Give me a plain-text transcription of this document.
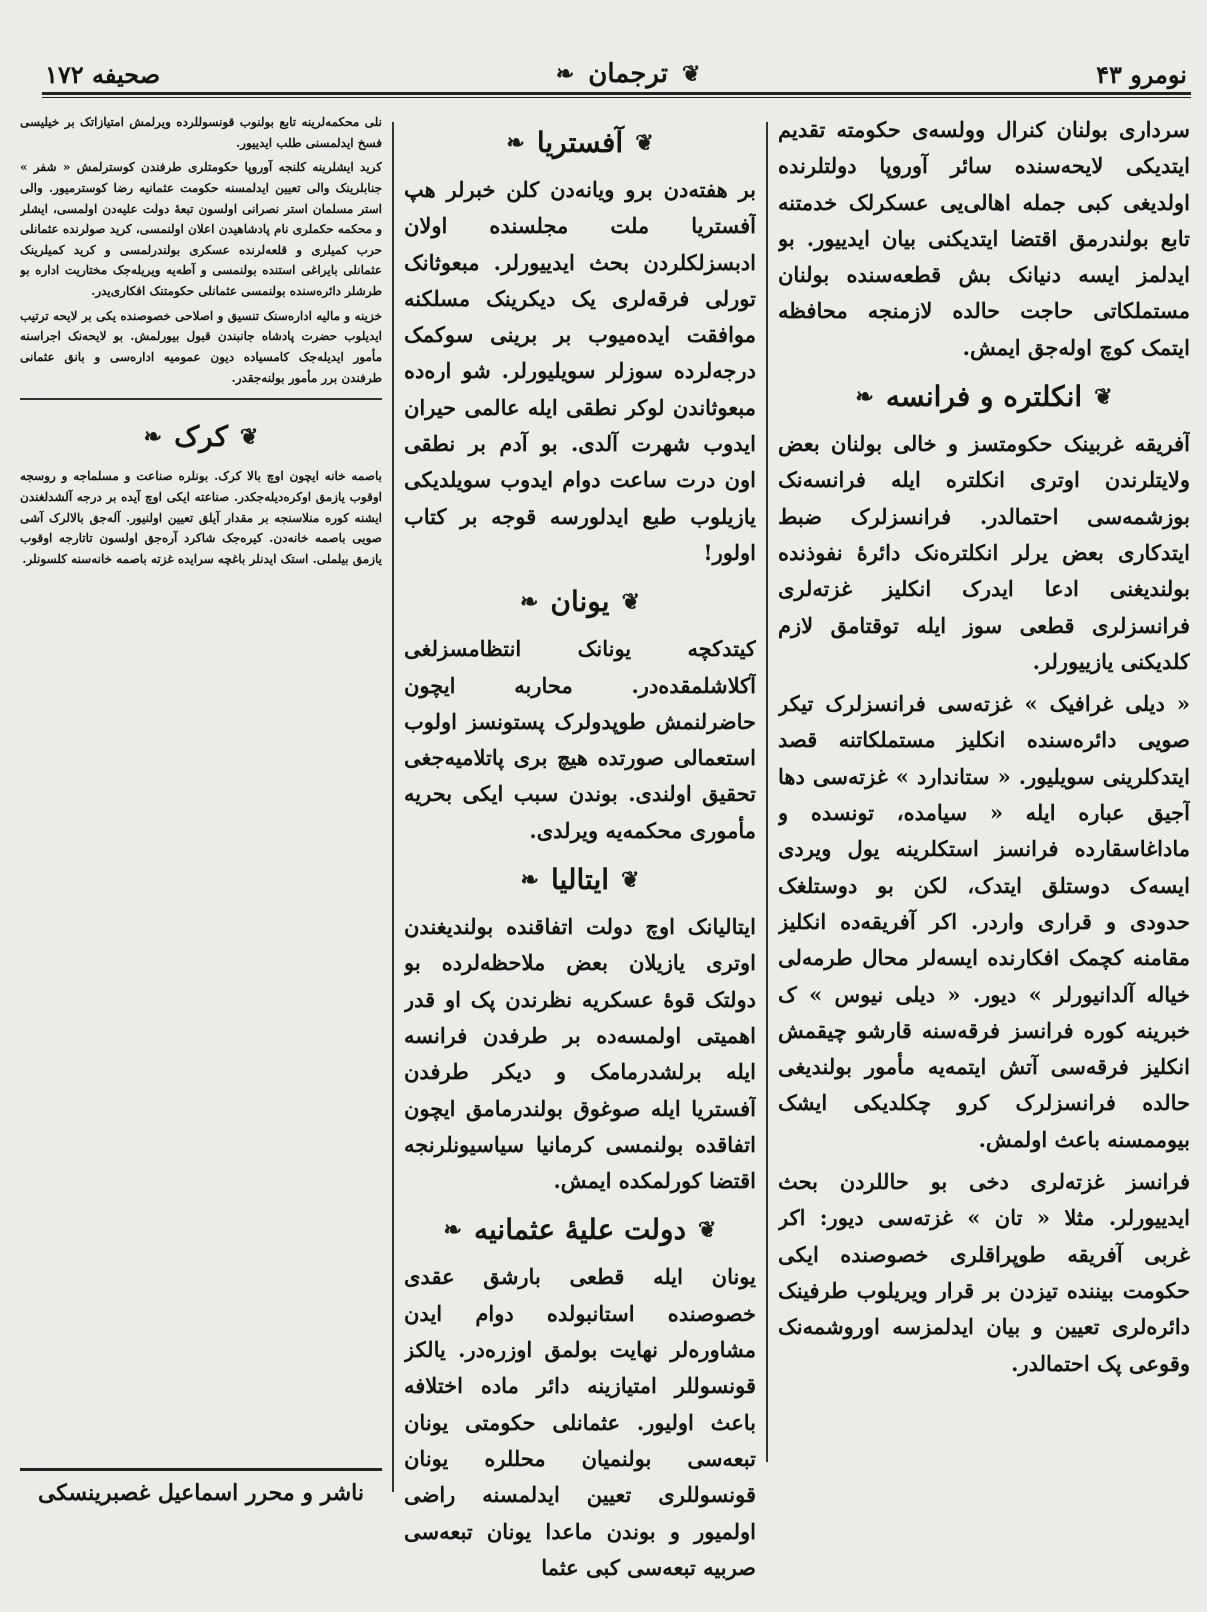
صحیفه ۱۷۲	❦
ترجمان
❧	نومرو ۴۳

سرداری بولنان کنرال وولسه‌ی حکومته تقدیم ایتدیکی لایحه‌سنده سائر آوروپا دولتلرنده اولدیغی کبی جمله اهالی‌یی عسکرلک خدمتنه تابع بولندرمق اقتضا ایتدیکنی بیان ایدییور. بو ایدلمز ایسه دنیانک بش قطعه‌سنده بولنان مستملکاتی حاجت حالده لازمنجه محافظه ایتمک کوچ اوله‌جق ایمش.

❦
انکلتره و فرانسه
❧

آفریقه غربینک حکومتسز و خالی بولنان بعض ولایتلرندن اوتری انکلتره ایله فرانسه‌نک بوزشمه‌سی احتمالدر. فرانسزلرک ضبط ایتدکاری بعض یرلر انکلتره‌نک دائرهٔ نفوذنده بولندیغنی ادعا ایدرک انکلیز غزته‌لری فرانسزلری قطعی سوز ایله توقتامق لازم کلدیکنی یازییورلر.

« دیلی غرافیک » غزته‌سی فرانسزلرک تیکر صویی دائره‌سنده انکلیز مستملکاتنه قصد ایتدکلرینی سویلیور. « ستاندارد » غزته‌سی دها آجیق عباره ایله « سیامده، تونسده و ماداغاسقارده فرانسز استکلرینه یول ویردی ایسه‌ک دوستلق ایتدک، لکن بو دوستلغک حدودی و قراری واردر. اکر آفریقه‌ده انکلیز مقامنه کچمک افکارنده ایسه‌لر محال طرمه‌لی خیاله آلدانیورلر » دیور. « دیلی نیوس » ک خبرینه کوره فرانسز فرقه‌سنه قارشو چیقمش انکلیز فرقه‌سی آتش ایتمه‌یه مأمور بولندیغی حالده فرانسزلرک کرو چکلدیکی ایشک بیوممسنه باعث اولمش.

فرانسز غزته‌لری دخی بو حاللردن بحث ایدییورلر. مثلا « تان » غزته‌سی دیور: اکر غربی آفریقه طوپراقلری خصوصنده ایکی حکومت بیننده تیزدن بر قرار ویریلوب طرفینک دائره‌لری تعیین و بیان ایدلمزسه اوروشمه‌نک وقوعی پک احتمالدر.

❦
آفستریا
❧

بر هفته‌دن برو ویانه‌دن کلن خبرلر هپ آفستریا ملت مجلسنده اولان ادبسزلکلردن بحث ایدییورلر. مبعوثانک تورلی فرقه‌لری یک دیکرینک مسلکنه موافقت ایده‌میوب بر برینی سوکمک درجه‌لرده سوزلر سویلیورلر. شو اره‌ده مبعوثاندن لوکر نطقی ایله عالمی حیران ایدوب شهرت آلدی. بو آدم بر نطقی اون درت ساعت دوام ایدوب سویلدیکی یازیلوب طبع ایدلورسه قوجه بر کتاب اولور!

❦
یونان
❧

کیتدکچه یونانک انتظامسزلغی آکلاشلمقده‌در. محاربه ایچون حاضرلنمش طوپدولرک پستونسز اولوب استعمالی صورتده هیچ بری پاتلامیه‌جغی تحقیق اولندی. بوندن سبب ایکی بحریه مأموری محکمه‌یه ویرلدی.

❦
ایتالیا
❧

ایتالیانک اوچ دولت اتفاقنده بولندیغندن اوتری یازیلان بعض ملاحظه‌لرده بو دولتک قوهٔ عسکریه نظرندن پک او قدر اهمیتی اولمسه‌ده بر طرفدن فرانسه ایله برلشدرمامک و دیکر طرفدن آفستریا ایله صوغوق بولندرمامق ایچون اتفاقده بولنمسی کرمانیا سیاسیونلرنجه اقتضا کورلمکده ایمش.

❦
دولت علیهٔ عثمانیه
❧

یونان ایله قطعی بارشق عقدی خصوصنده استانبولده دوام ایدن مشاوره‌لر نهایت بولمق اوزره‌در. یالکز قونسوللر امتیازینه دائر ماده اختلافه باعث اولیور. عثمانلی حکومتی یونان تبعه‌سی بولنمیان محللره یونان قونسوللری تعیین ایدلمسنه راضی اولمیور و بوندن ماعدا یونان تبعه‌سی صربیه تبعه‌سی کبی عثما

نلی محکمه‌لرینه تابع بولنوب قونسوللرده ویرلمش امتیازاتک بر خیلیسی فسخ ایدلمسنی طلب ایدییور.

کرید ایشلرینه کلنجه آوروپا حکومتلری طرفندن کوسترلمش « شفر » جنابلرینک والی تعیین ایدلمسنه حکومت عثمانیه رضا کوسترمیور. والی استر مسلمان استر نصرانی اولسون تبعهٔ دولت علیه‌دن اولمسی، ایشلر و محکمه حکملری نام پادشاهیدن اعلان اولنمسی، کرید صولرنده عثمانلی حرب کمیلری و قلعه‌لرنده عسکری بولندرلمسی و کرید کمیلرینک عثمانلی بایراغی استنده بولنمسی و آطه‌یه ویریله‌جک مختاریت اداره بو طرشلر دائره‌سنده بولنمسی عثمانلی حکومتنک افکاری‌یدر.

خزینه و مالیه اداره‌سنک تنسیق و اصلاحی خصوصنده یکی بر لایحه ترتیب ایدیلوب حضرت پادشاه جانبندن قبول بیورلمش. بو لایحه‌نک اجراسنه مأمور ایدیله‌جک کامسیاده دیون عمومیه اداره‌سی و بانق عثمانی طرفندن برر مأمور بولنه‌جقدر.

❦
کرک
❧

باصمه خانه ایچون اوچ بالا کرک. بونلره صناعت و مسلماجه و روسجه اوقوب یازمق اوکره‌دیله‌جکدر. صناعته ایکی اوچ آیده بر درجه آلشدلغندن ایشنه کوره منلاسنجه بر مقدار آیلق تعیین اولنیور. آله‌جق بالالرک آشی صویی باصمه خانه‌دن. کیره‌جک شاکرد آره‌جق اولسون تاتارجه اوقوب یازمق بیلملی. استک ایدنلر باغچه سرایده غزته باصمه خانه‌سنه کلسونلر.

ناشر و محرر اسماعیل غصبرینسکی
